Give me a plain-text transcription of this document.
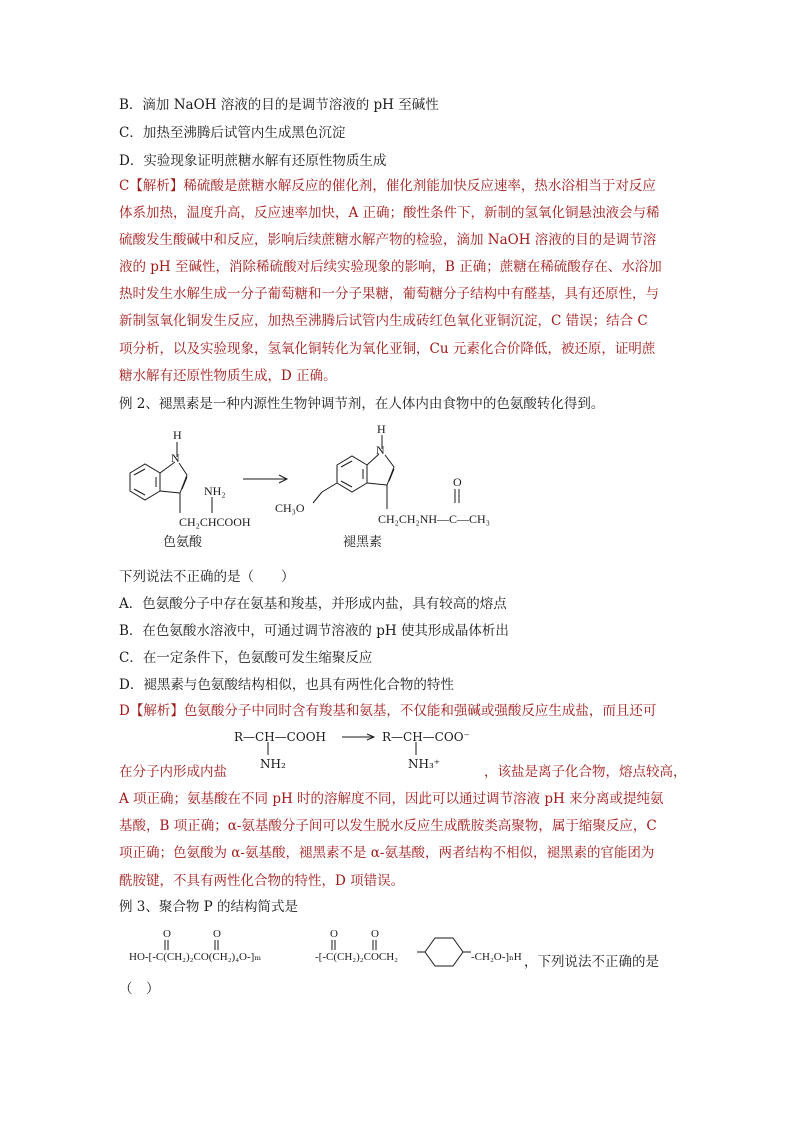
B．滴加 NaOH 溶液的目的是调节溶液的 pH 至碱性
C．加热至沸腾后试管内生成黑色沉淀
D．实验现象证明蔗糖水解有还原性物质生成
C【解析】稀硫酸是蔗糖水解反应的催化剂，催化剂能加快反应速率，热水浴相当于对反应
体系加热，温度升高，反应速率加快，A 正确；酸性条件下，新制的氢氧化铜悬浊液会与稀
硫酸发生酸碱中和反应，影响后续蔗糖水解产物的检验，滴加 NaOH 溶液的目的是调节溶
液的 pH 至碱性，消除稀硫酸对后续实验现象的影响，B 正确；蔗糖在稀硫酸存在、水浴加
热时发生水解生成一分子葡萄糖和一分子果糖，葡萄糖分子结构中有醛基，具有还原性，与
新制氢氧化铜发生反应，加热至沸腾后试管内生成砖红色氧化亚铜沉淀，C 错误；结合 C
项分析，以及实验现象，氢氧化铜转化为氧化亚铜，Cu 元素化合价降低，被还原，证明蔗
糖水解有还原性物质生成，D 正确。
例 2、褪黑素是一种内源性生物钟调节剂，在人体内由食物中的色氨酸转化得到。
H
N
NH₂
CH₂CHCOOH
H
N
CH₃O
O
CH₂CH₂NH—C—CH₃
色氨酸	褪黑素
下列说法不正确的是（　　）
A．色氨酸分子中存在氨基和羧基，并形成内盐，具有较高的熔点
B．在色氨酸水溶液中，可通过调节溶液的 pH 使其形成晶体析出
C．在一定条件下，色氨酸可发生缩聚反应
D．褪黑素与色氨酸结构相似，也具有两性化合物的特性
D【解析】色氨酸分子中同时含有羧基和氨基，不仅能和强碱或强酸反应生成盐，而且还可
R—CH—COOH
NH₂
R—CH—COO⁻
NH₃⁺
在分子内形成内盐	，该盐是离子化合物，熔点较高，
A 项正确；氨基酸在不同 pH 时的溶解度不同，因此可以通过调节溶液 pH 来分离或提纯氨
基酸，B 项正确；α-氨基酸分子间可以发生脱水反应生成酰胺类高聚物，属于缩聚反应，C
项正确；色氨酸为 α-氨基酸，褪黑素不是 α-氨基酸，两者结构不相似，褪黑素的官能团为
酰胺键，不具有两性化合物的特性，D 项错误。
例 3、聚合物 P 的结构简式是
O	O	O	O
HO-[-C(CH₂)₂CO(CH₂)₄O-]ₘ	-[-C(CH₂)₂COCH₂	-CH₂O-]ₙH ，下列说法不正确的是
（　）
